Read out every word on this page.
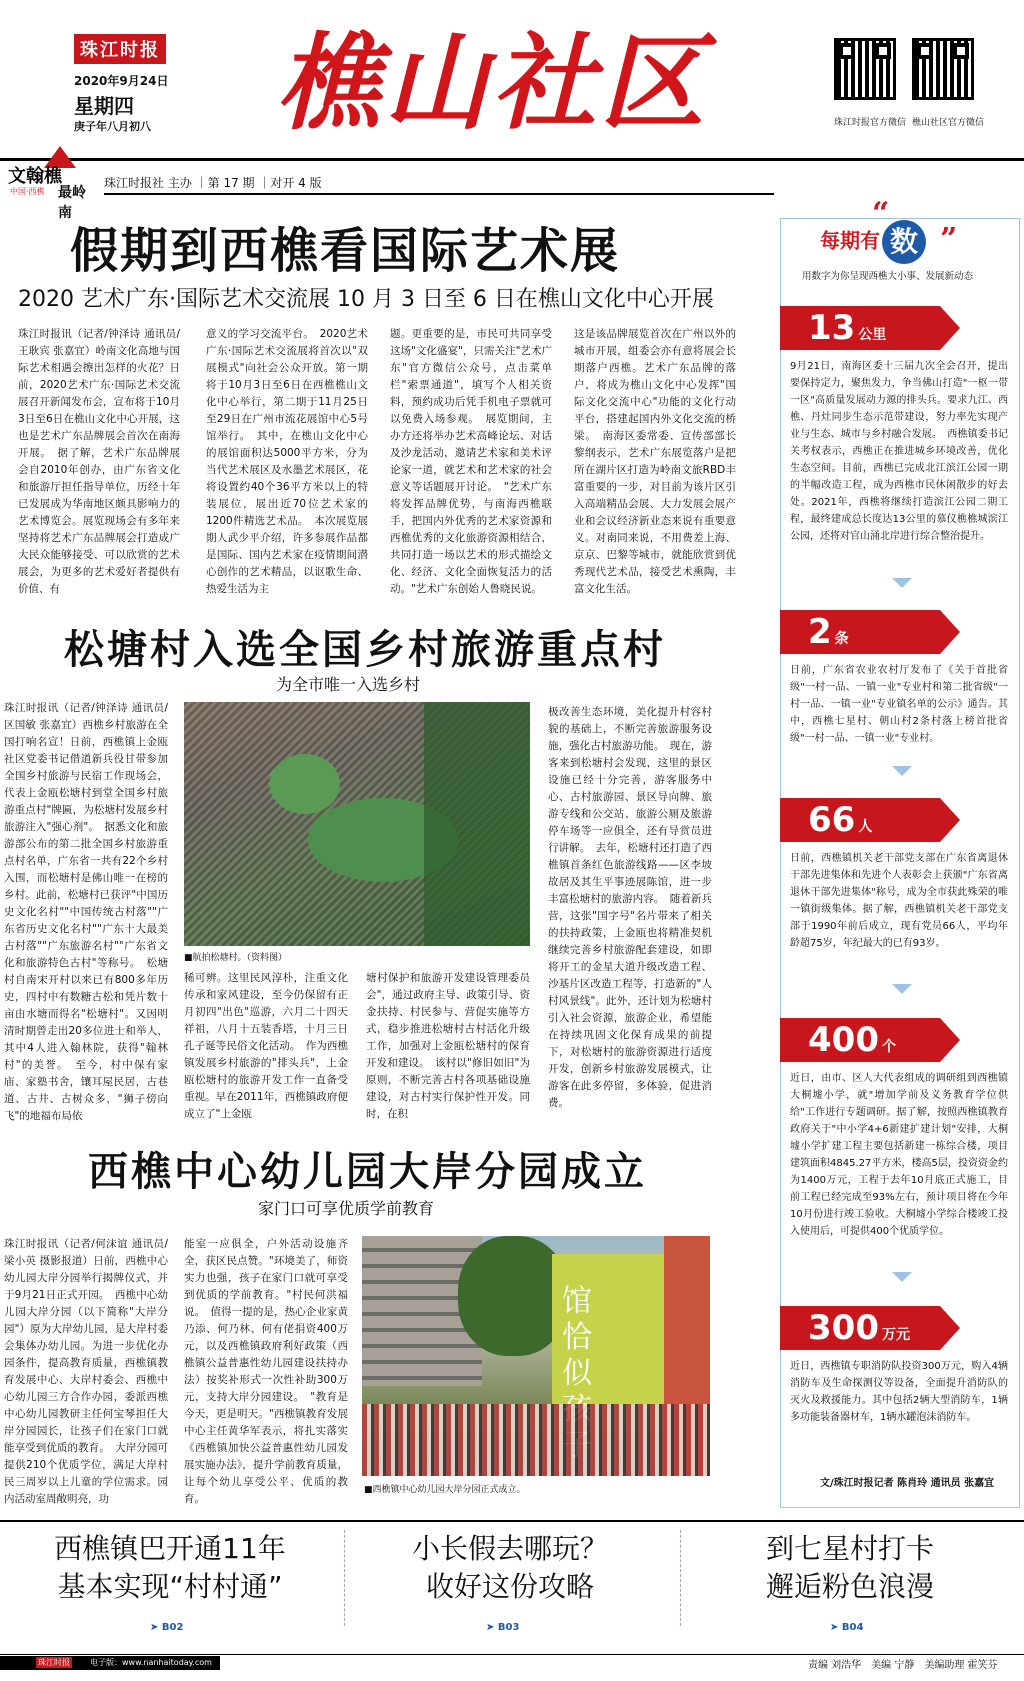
珠江时报
2020年9月24日
星期四
庚子年八月初八 樵山社区	珠江时报官方微信 樵山社区官方微信
文翰樵
中国·西樵 最岭南
珠江时报社 主办 ｜第 17 期 ｜对开 4 版
假期到西樵看国际艺术展
2020 艺术广东·国际艺术交流展 10 月 3 日至 6 日在樵山文化中心开展
珠江时报讯（记者/钟泽诗 通讯员/王耿宾 张嘉宜）岭南文化高地与国际艺术相遇会擦出怎样的火花？日前，2020艺术广东·国际艺术交流展召开新闻发布会，宣布将于10月3日至6日在樵山文化中心开展，这也是艺术广东品牌展会首次在南海开展。　据了解，艺术广东品牌展会自2010年创办，由广东省文化和旅游厅担任指导单位，历经十年已发展成为华南地区颇具影响力的艺术博览会。展览现场会有多年来坚持将艺术广东品牌展会打造成广大民众能够接受、可以欣赏的艺术展会，为更多的艺术爱好者提供有价值、有
意义的学习交流平台。　2020艺术广东·国际艺术交流展将首次以"双展模式"向社会公众开放。第一期将于10月3日至6日在西樵樵山文化中心举行，第二期于11月25日至29日在广州市流花展馆中心5号馆举行。　其中，在樵山文化中心的展馆面积达5000平方米，分为当代艺术展区及水墨艺术展区，花将设置约40个36平方米以上的特装展位，展出近70位艺术家的1200件精选艺术品。　本次展览展期人武少平介绍，许多参展作品都是国际、国内艺术家在疫情期间潜心创作的艺术精品，以讴歌生命、热爱生活为主
题。更重要的是，市民可共同享受这场"文化盛宴"，只需关注"艺术广东"官方微信公众号，点击菜单栏"索票通道"，填写个人相关资料，预约成功后凭手机电子票就可以免费入场参观。　展览期间，主办方还将举办艺术高峰论坛、对话及沙龙活动，邀请艺术家和美术评论家一道，就艺术和艺术家的社会意义等话题展开讨论。　"艺术广东将发挥品牌优势，与南海西樵联手，把国内外优秀的艺术家资源和西樵优秀的文化旅游资源相结合，共同打造一场以艺术的形式描绘文化、经济、文化全面恢复活力的活动。"艺术广东创始人鲁晓民说。
这是该品牌展览首次在广州以外的城市开展，组委会亦有意将展会长期落户西樵。艺术广东品牌的落户，将成为樵山文化中心发挥"国际文化交流中心"功能的文化行动平台，搭建起国内外文化交流的桥梁。　南海区委常委、宣传部部长黎纲表示，艺术广东展览落户是把所在湖片区打造为岭南文旅RBD丰富重要的一步，对目前为该片区引入高端精品会展、大力发展会展产业和会议经济新业态来说有重要意义。对南同来说，不用费差上海、京京、巴黎等城市，就能欣赏到优秀现代艺术品，接受艺术熏陶，丰富文化生活。
松塘村入选全国乡村旅游重点村
为全市唯一入选乡村
珠江时报讯（记者/钟泽诗 通讯员/区国敏 张嘉宜）西樵乡村旅游在全国打响名宣！日前，西樵镇上金瓯社区党委书记借道新兵役甘带参加全国乡村旅游与民宿工作现场会，代表上金瓯松塘村到堂全国乡村旅游重点村"牌匾，为松塘村发展乡村旅游注入"强心剂"。　据悉文化和旅游部公布的第二批全国乡村旅游重点村名单，广东省一共有22个乡村入围，而松塘村是佛山唯一在榜的乡村。此前，松塘村已获评"中国历史文化名村""中国传统古村落""广东省历史文化名村""广东十大最美古村落""广东旅游名村""广东省文化和旅游特色古村"等称号。　松塘村自南宋开村以来已有800多年历史，四村中有数糖古松和凭片数十亩由水塘而得名"松塘村"。又因明清时期曾走出20多位进士和举人，其中4人进入翰林院，获得"翰林村"的美誉。　至今，村中保有家庙、家塾书舍，镶耳屋民居，古巷道、古井、古树众多，"狮子傍向飞"的地福布局依
■航拍松塘村。（资料图）
稀可辨。这里民风淳朴，注重文化传承和家风建设，至今仍保留有正月初四"出色"巡游，六月二十四天祥祖，八月十五装香塔，十月三日孔子诞等民俗文化活动。　作为西樵镇发展乡村旅游的"排头兵"，上金瓯松塘村的旅游开发工作一直备受重视。早在2011年，西樵镇政府便成立了"上金瓯
塘村保护和旅游开发建设管理委员会"，通过政府主导、政策引导、资金扶持、村民参与、营促实施等方式，稳步推进松塘村古村活化升级工作，加强对上金瓯松塘村的保育开发和建设。　该村以"修旧如旧"为原则，不断完善古村各项基础设施建设，对古村实行保护性开发。同时，在积
极改善生态环境，美化提升村容村貌的基础上，不断完善旅游服务设施，强化古村旅游功能。　现在，游客来到松塘村会发现，这里的景区设施已经十分完善，游客服务中心、古村旅游园、景区导向牌、旅游专线和公交站、旅游公厕及旅游停车场等一应俱全，还有导赏员进行讲解。　去年，松塘村还打造了西樵镇首条红色旅游线路——区李坡故居及其生平事迹展陈馆，进一步丰富松塘村的旅游内容。　随着新兵营，这张"国字号"名片带来了相关的扶持政策，上金瓯也将精准契机继续完善乡村旅游配套建设，如即将开工的金星大道升级改造工程、沙基片区改造工程等，打造新的"人村风景线"。此外，还计划为松塘村引入社会资源，旅游企业，希望能在持续巩固文化保育成果的前提下，对松塘村的旅游资源进行适度开发，创新乡村旅游发展模式，让游客在此多停留，多体验，促进消费。
西樵中心幼儿园大岸分园成立
家门口可享优质学前教育
珠江时报讯（记者/何沫谊 通讯员/梁小英 摄影报道）日前，西樵中心幼儿园大岸分园举行揭牌仪式，并于9月21日正式开园。　西樵中心幼儿园大岸分园（以下简称"大岸分园"）原为大岸幼儿园，是大岸村委会集体办幼儿园。为进一步优化办园条件，提高教育质量，西樵镇教育发展中心、大岸村委会、西樵中心幼儿园三方合作办园，委派西樵中心幼儿园教研主任何宝琴担任大岸分园园长，让孩子们在家门口就能享受到优质的教育。　大岸分园可提供210个优质学位，满足大岸村民三周岁以上儿童的学位需求。园内活动室周敞明亮，功
能室一应俱全，户外活动设施齐全，获区民点赞。"环境美了，师资实力也强，孩子在家门口就可享受到优质的学前教育。"村民何洪福说。　值得一提的是，热心企业家黄乃添、何乃林、何有佬捐资400万元，以及西樵镇政府利好政策（西樵镇公益普惠性幼儿园建设扶持办法）按奖补形式一次性补助300万元，支持大岸分园建设。　"教育是今天，更是明天。"西樵镇教育发展中心主任黄华军表示，将扎实落实《西樵镇加快公益普惠性幼儿园发展实施办法》，提升学前教育质量，让每个幼儿享受公平、优质的教育。
馆恰似
■西樵镇中心幼儿园大岸分园正式成立。
每期有 数
“
”
用数字为你呈现西樵大小事、发展新动态
13 公里
9月21日，南海区委十三届九次全会召开，提出要保持定力，聚焦发力，争当佛山打造"一枢一带一区"高质量发展动力源的排头兵。要求九江、西樵、丹灶同步生态示范带建设，努力率先实现产业与生态、城市与乡村融合发展。　西樵镇委书记关考权表示，西樵正在推进城乡环境改善，优化生态空间。目前，西樵已完成北江滨江公园一期的半幅改造工程，成为西樵市民休闲散步的好去处。2021年，西樵将继续打造滨江公园二期工程，最终建成总长度达13公里的慕仪樵樵城滨江公园，还将对官山涌北岸进行综合整治提升。
2 条
日前，广东省农业农村厅发布了《关于首批省级"一村一品、一镇一业"专业村和第二批省级"一村一品、一镇一业"专业镇名单的公示》通告。其中，西樵七星村、朝山村2条村落上榜首批省级"一村一品、一镇一业"专业村。
66 人
日前，西樵镇机关老干部党支部在广东省离退休干部先进集体和先进个人表彰会上获颁"广东省离退休干部先进集体"称号，成为全市获此殊荣的唯一镇街级集体。据了解，西樵镇机关老干部党支部于1990年前后成立，现有党员66人，平均年龄超75岁，年纪最大的已有93岁。
400 个
近日，由市、区人大代表组成的调研组到西樵镇大桐墟小学，就"增加学前及义务教育学位供给"工作进行专题调研。据了解，按照西樵镇教育政府关于"中小学4+6新建扩建计划"安排，大桐墟小学扩建工程主要包括新建一栋综合楼，项目建筑面积4845.27平方米，楼高5层，投资资金约为1400万元，工程于去年10月底正式施工，目前工程已经完成至93%左右，预计项目将在今年10月份进行竣工验收。大桐墟小学综合楼竣工投入使用后，可提供400个优质学位。
300 万元
近日，西樵镇专职消防队投资300万元，购入4辆消防车及生命探测仪等设备，全面提升消防队的灭火及救援能力。其中包括2辆大型消防车，1辆多功能装备器材车，1辆水罐泡沫消防车。
文/珠江时报记者 陈肖玲 通讯员 张嘉宜
西樵镇巴开通11年
基本实现“村村通”
➤ B02
小长假去哪玩？
收好这份攻略
➤ B03
到七星村打卡
邂逅粉色浪漫
➤ B04
珠江时报	电子版：www.nanhaitoday.com	责编 刘浩华　美编 宁静　美编助理 霍笑芬
